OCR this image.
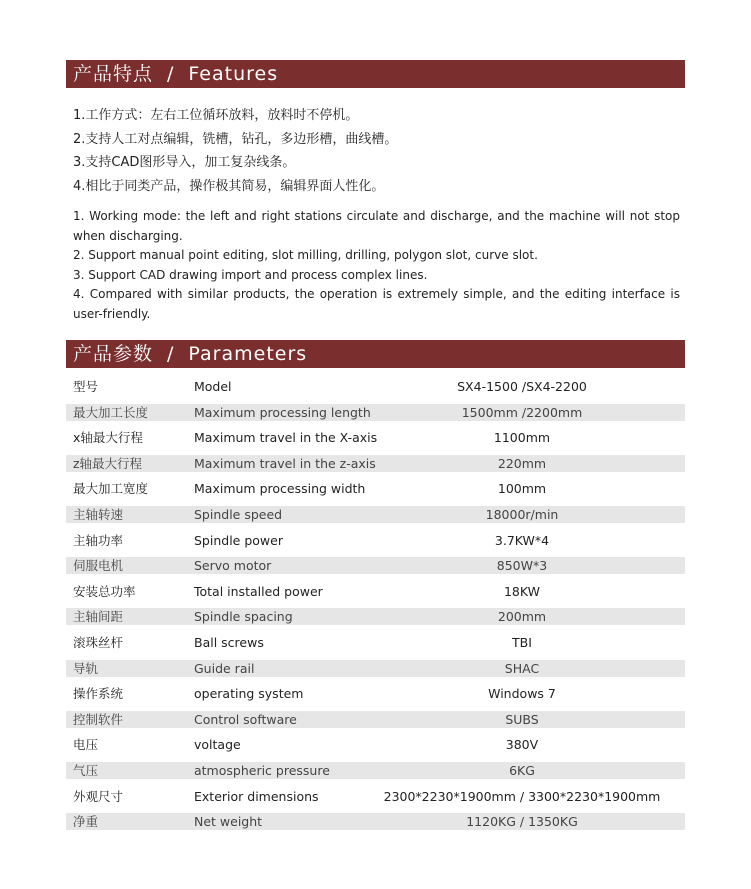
产品特点 / Features
1.工作方式：左右工位循环放料，放料时不停机。
2.支持人工对点编辑，铣槽，钻孔，多边形槽，曲线槽。
3.支持CAD图形导入，加工复杂线条。
4.相比于同类产品，操作极其简易，编辑界面人性化。
1. Working mode: the left and right stations circulate and discharge, and the machine will not stop when discharging.
2. Support manual point editing, slot milling, drilling, polygon slot, curve slot.
3. Support CAD drawing import and process complex lines.
4. Compared with similar products, the operation is extremely simple, and the editing interface is user-friendly.
产品参数 / Parameters
型号	Model	SX4-1500 /SX4-2200
最大加工长度	Maximum processing length	1500mm /2200mm
x轴最大行程	Maximum travel in the X-axis	1100mm
z轴最大行程	Maximum travel in the z-axis	220mm
最大加工宽度	Maximum processing width	100mm
主轴转速	Spindle speed	18000r/min
主轴功率	Spindle power	3.7KW*4
伺服电机	Servo motor	850W*3
安装总功率	Total installed power	18KW
主轴间距	Spindle spacing	200mm
滚珠丝杆	Ball screws	TBI
导轨	Guide rail	SHAC
操作系统	operating system	Windows 7
控制软件	Control software	SUBS
电压	voltage	380V
气压	atmospheric pressure	6KG
外观尺寸	Exterior dimensions	2300*2230*1900mm / 3300*2230*1900mm
净重	Net weight	1120KG / 1350KG
